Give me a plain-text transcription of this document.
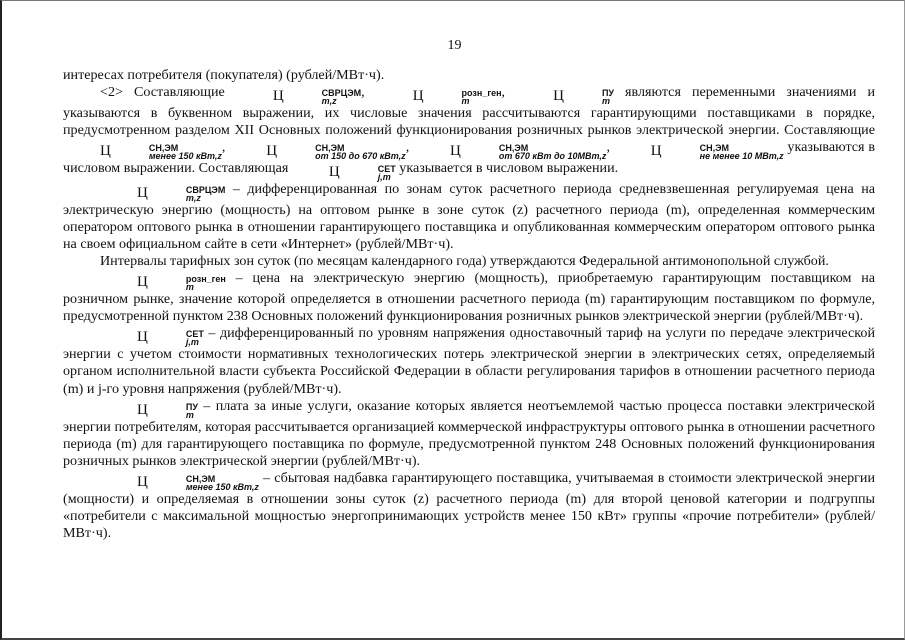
19

интересах потребителя (покупателя) (рублей/МВт·ч).

<2> Составляющие Ц	СВРЦЭМ
m,z
, Ц	розн_ген
m
, Ц	ПУ
m
являются переменными значениями и указываются в буквенном выражении, их числовые значения рассчитываются гарантирующими поставщиками в порядке, предусмотренном разделом XII Основных положений функционирования розничных рынков электрической энергии. Составляющие Ц	СН,ЭМ
менее 150 кВт,z
,	Ц	СН,ЭМ
от 150 до 670 кВт,z
, Ц	СН,ЭМ
от 670 кВт до 10МВт,z
, Ц	СН,ЭМ
не менее 10 МВт,z
указываются в числовом выражении. Составляющая Ц	СЕТ
j,m
указывается в числовом выражении.

Ц	СВРЦЭМ
m,z
– дифференцированная по зонам суток расчетного периода средневзвешенная регулируемая цена на электрическую энергию (мощность) на оптовом рынке в зоне суток (z) расчетного периода (m), определенная коммерческим оператором оптового рынка в отношении гарантирующего поставщика и опубликованная коммерческим оператором оптового рынка на своем официальном сайте в сети «Интернет» (рублей/МВт·ч).

Интервалы тарифных зон суток (по месяцам календарного года) утверждаются Федеральной антимонопольной службой.

Ц	розн_ген
m
– цена на электрическую энергию (мощность), приобретаемую гарантирующим поставщиком на розничном рынке, значение которой определяется в отношении расчетного периода (m) гарантирующим поставщиком по формуле, предусмотренной пунктом 238 Основных положений функционирования розничных рынков электрической энергии (рублей/МВт·ч).

Ц	СЕТ
j,m
– дифференцированный по уровням напряжения одноставочный тариф на услуги по передаче электрической энергии с учетом стоимости нормативных технологических потерь электрической энергии в электрических сетях, определяемый органом исполнительной власти субъекта Российской Федерации в области регулирования тарифов в отношении расчетного периода (m) и j-го уровня напряжения (рублей/МВт·ч).

Ц	ПУ
m
– плата за иные услуги, оказание которых является неотъемлемой частью процесса поставки электрической энергии потребителям, которая рассчитывается организацией коммерческой инфраструктуры оптового рынка в отношении расчетного периода (m) для гарантирующего поставщика по формуле, предусмотренной пунктом 248 Основных положений функционирования розничных рынков электрической энергии (рублей/МВт·ч).

Ц	СН,ЭМ
менее 150 кВт,z
– сбытовая надбавка гарантирующего поставщика, учитываемая в стоимости электрической энергии (мощности) и определяемая в отношении зоны суток (z) расчетного периода (m) для второй ценовой категории и подгруппы «потребители с максимальной мощностью энергопринимающих устройств менее 150 кВт» группы «прочие потребители» (рублей/МВт·ч).
